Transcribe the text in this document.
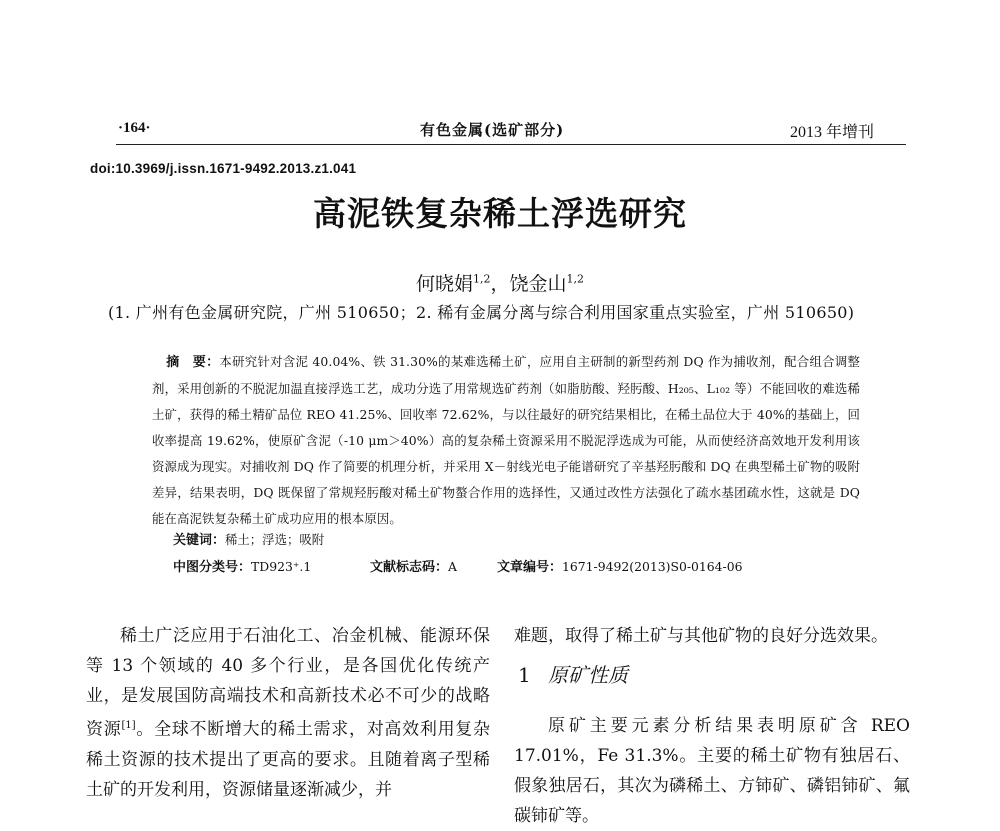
·164·	有色金属(选矿部分)	2013 年增刊
doi:10.3969/j.issn.1671-9492.2013.z1.041
高泥铁复杂稀土浮选研究
何晓娟$^{1,2}$，饶金山$^{1,2}$
(1. 广州有色金属研究院，广州 510650；2. 稀有金属分离与综合利用国家重点实验室，广州 510650)
摘　要：本研究针对含泥 40.04%、铁 31.30%的某难选稀土矿，应用自主研制的新型药剂 DQ 作为捕收剂，配合组合调整剂，采用创新的不脱泥加温直接浮选工艺，成功分选了用常规选矿药剂（如脂肪酸、羟肟酸、H₂₀₅、L₁₀₂ 等）不能回收的难选稀土矿，获得的稀土精矿品位 REO 41.25%、回收率 72.62%，与以往最好的研究结果相比，在稀土品位大于 40%的基础上，回收率提高 19.62%，使原矿含泥（-10 μm＞40%）高的复杂稀土资源采用不脱泥浮选成为可能，从而使经济高效地开发利用该资源成为现实。对捕收剂 DQ 作了简要的机理分析，并采用 X－射线光电子能谱研究了辛基羟肟酸和 DQ 在典型稀土矿物的吸附差异，结果表明，DQ 既保留了常规羟肟酸对稀土矿物螯合作用的选择性，又通过改性方法强化了疏水基团疏水性，这就是 DQ 能在高泥铁复杂稀土矿成功应用的根本原因。
关键词：稀土；浮选；吸附
中图分类号：TD923⁺.1	文献标志码：A	文章编号：1671-9492(2013)S0-0164-06
稀土广泛应用于石油化工、冶金机械、能源环保等 13 个领域的 40 多个行业，是各国优化传统产业，是发展国防高端技术和高新技术必不可少的战略资源[1]。全球不断增大的稀土需求，对高效利用复杂稀土资源的技术提出了更高的要求。且随着离子型稀土矿的开发利用，资源储量逐渐减少，并
难题，取得了稀土矿与其他矿物的良好分选效果。
1 原矿性质
原矿主要元素分析结果表明原矿含 REO 17.01%，Fe 31.3%。主要的稀土矿物有独居石、假象独居石，其次为磷稀土、方铈矿、磷铝铈矿、氟碳铈矿等。
